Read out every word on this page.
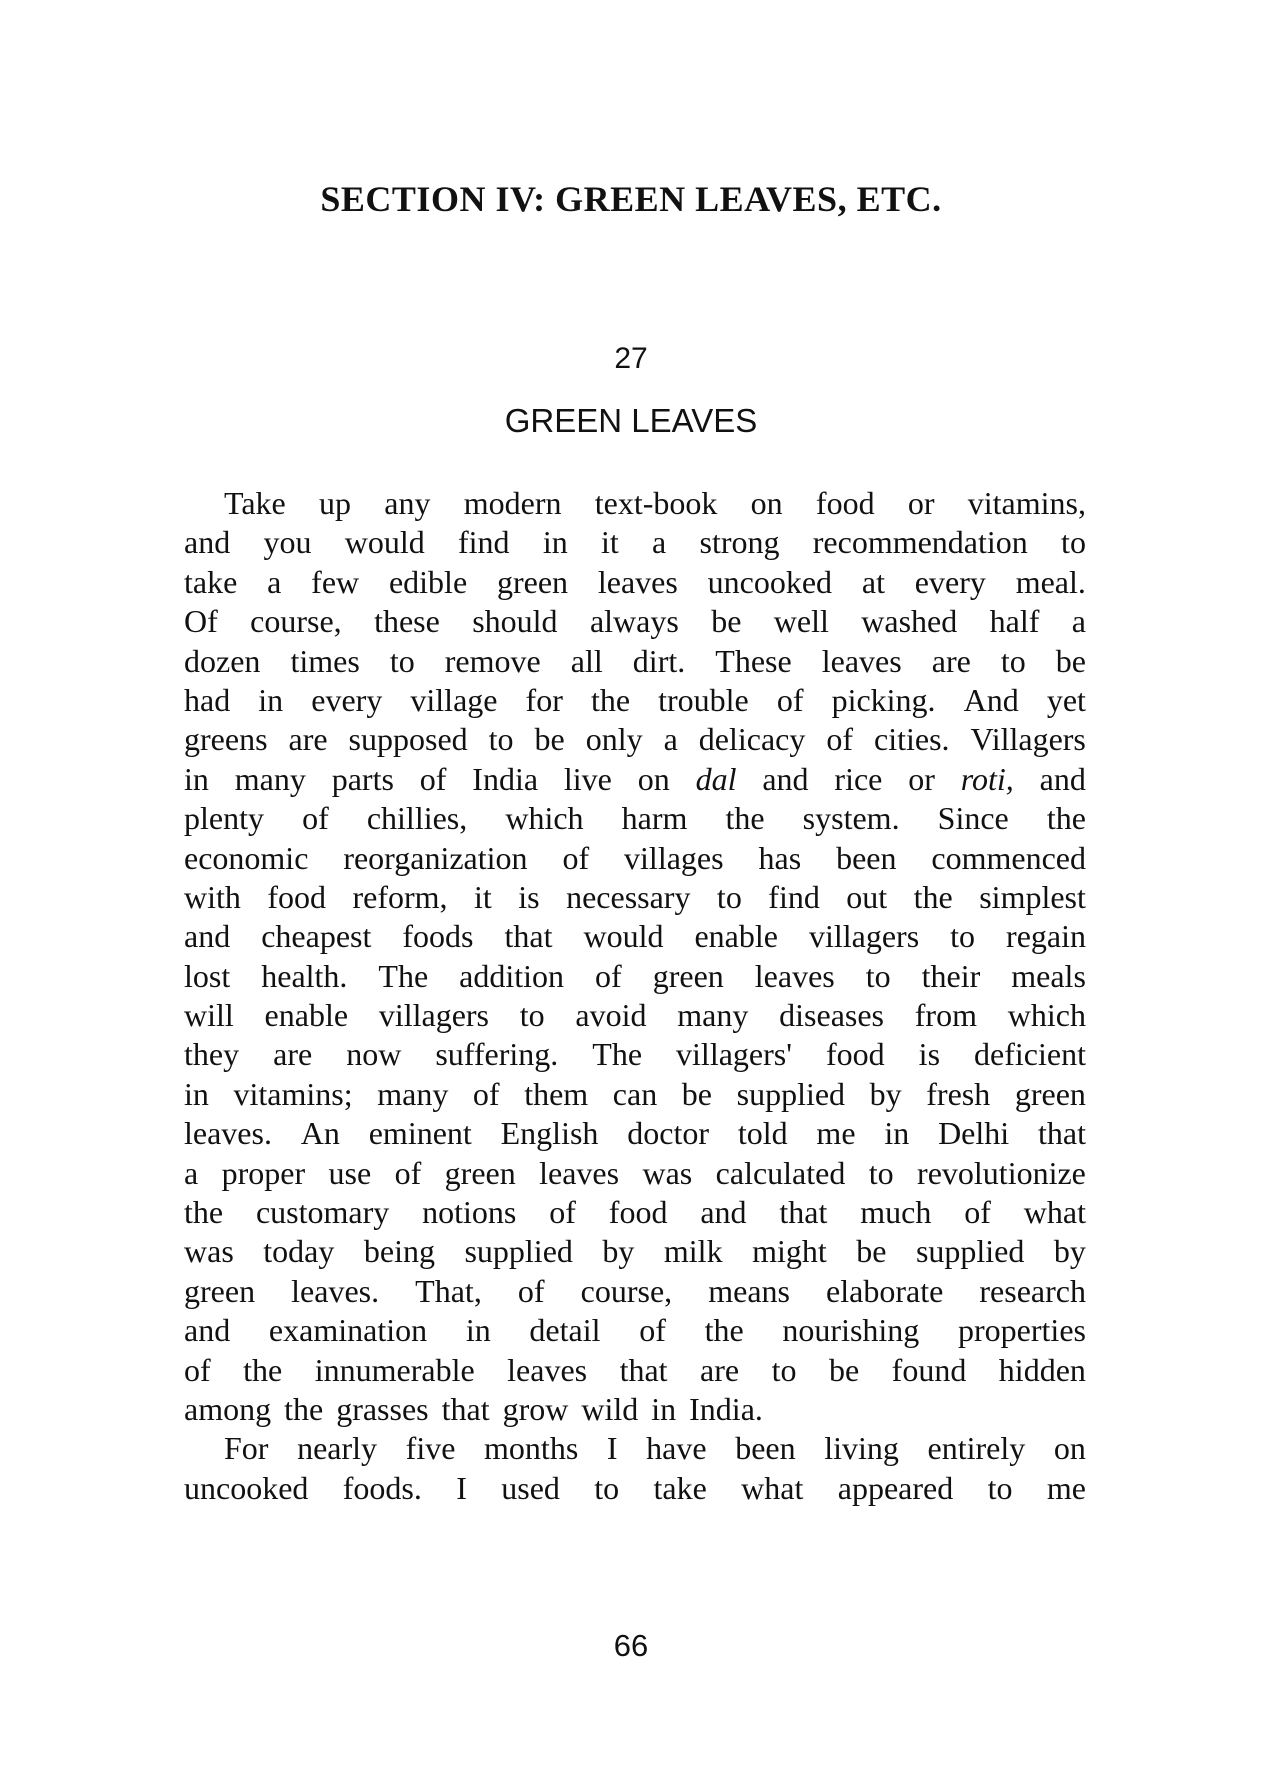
SECTION IV: GREEN LEAVES, ETC.
27
GREEN LEAVES
Take up any modern text-book on food or vitamins,
and you would find in it a strong recommendation to
take a few edible green leaves uncooked at every meal.
Of course, these should always be well washed half a
dozen times to remove all dirt. These leaves are to be
had in every village for the trouble of picking. And yet
greens are supposed to be only a delicacy of cities. Villagers
in many parts of India live on dal and rice or roti, and
plenty of chillies, which harm the system. Since the
economic reorganization of villages has been commenced
with food reform, it is necessary to find out the simplest
and cheapest foods that would enable villagers to regain
lost health. The addition of green leaves to their meals
will enable villagers to avoid many diseases from which
they are now suffering. The villagers' food is deficient
in vitamins; many of them can be supplied by fresh green
leaves. An eminent English doctor told me in Delhi that
a proper use of green leaves was calculated to revolutionize
the customary notions of food and that much of what
was today being supplied by milk might be supplied by
green leaves. That, of course, means elaborate research
and examination in detail of the nourishing properties
of the innumerable leaves that are to be found hidden
among the grasses that grow wild in India.
For nearly five months I have been living entirely on
uncooked foods. I used to take what appeared to me
66
